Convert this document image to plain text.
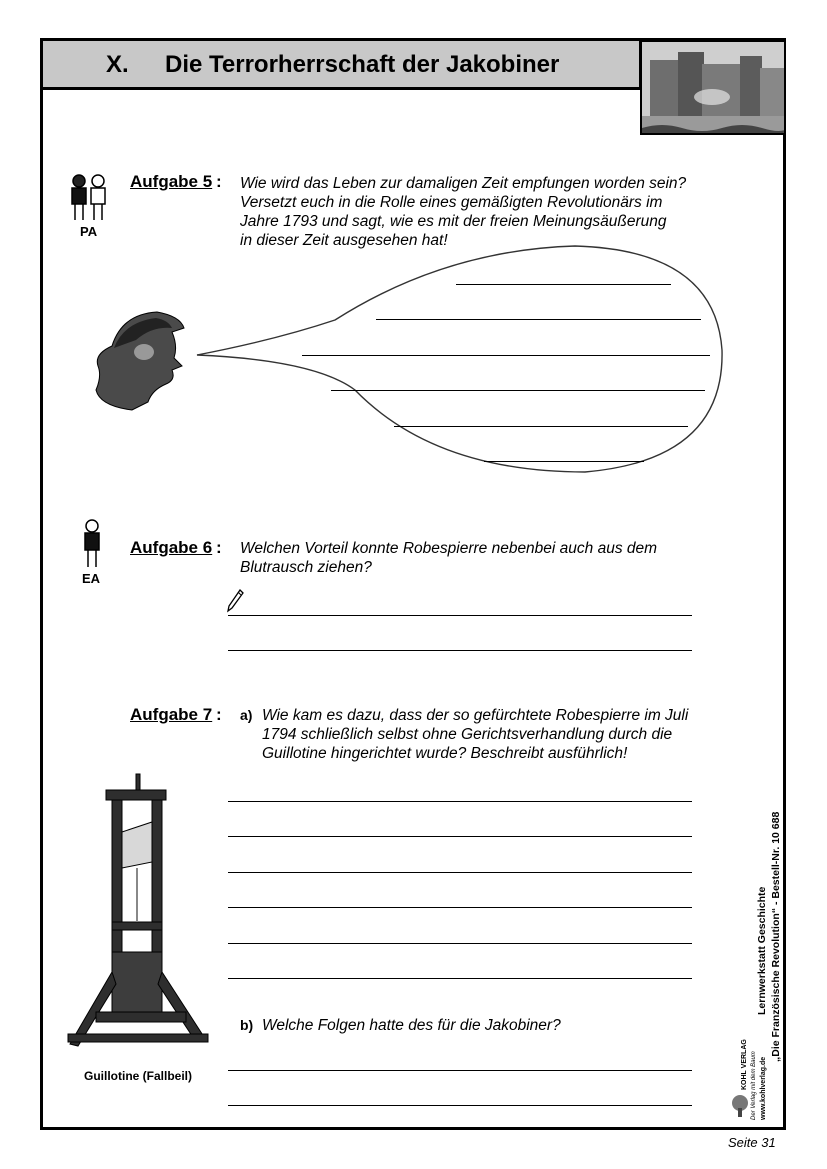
X. Die Terrorherrschaft der Jakobiner
PA
Aufgabe 5 : Wie wird das Leben zur damaligen Zeit empfungen worden sein?
Versetzt euch in die Rolle eines gemäßigten Revolutionärs im
Jahre 1793 und sagt, wie es mit der freien Meinungsäußerung
in dieser Zeit ausgesehen hat!
EA
Aufgabe 6 : Welchen Vorteil konnte Robespierre nebenbei auch aus dem
Blutrausch ziehen?
Aufgabe 7 : a) Wie kam es dazu, dass der so gefürchtete Robespierre im Juli
1794 schließlich selbst ohne Gerichtsverhandlung durch die
Guillotine hingerichtet wurde? Beschreibt ausführlich!
b) Welche Folgen hatte des für die Jakobiner?
Guillotine (Fallbeil)
Lernwerkstatt Geschichte „Die Französische Revolution“ - Bestell-Nr. 10 688
KOHL VERLAG Der Verlag mit dem Baum www.kohlverlag.de
Seite 31
